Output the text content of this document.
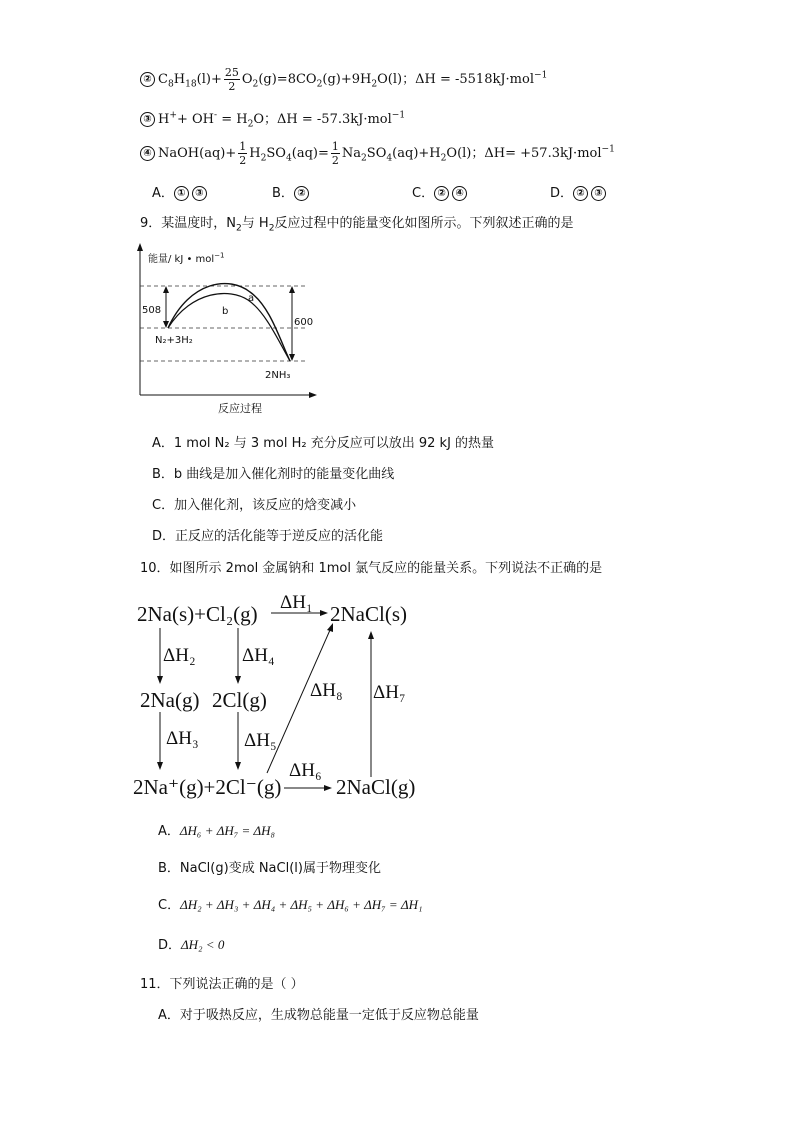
② $C_8H_{18}(l)+ \frac{25}{2} O_2(g)=8CO_2(g)+9H_2O(l)$；ΔH = -5518kJ·mol$^{-1}$
③ $H^++ OH^- = H_2O$；ΔH = -57.3kJ·mol$^{-1}$
④ NaOH(aq)+ $\frac{1}{2} H_2SO_4(aq)= \frac{1}{2} Na_2SO_4(aq)+H_2O(l)$；ΔH= +57.3kJ·mol$^{-1}$
A． ① ③	B． ②	C． ② ④	D． ② ③
9．某温度时，$N_2$与 $H_2$反应过程中的能量变化如图所示。下列叙述正确的是
能量/ kJ • mol$^{-1}$
508
600
a
b
N₂+3H₂
2NH₃
反应过程
A．1 mol N₂ 与 3 mol H₂ 充分反应可以放出 92 kJ 的热量
B．b 曲线是加入催化剂时的能量变化曲线
C．加入催化剂，该反应的焓变减小
D．正反应的活化能等于逆反应的活化能
10．如图所示 2mol 金属钠和 1mol 氯气反应的能量关系。下列说法不正确的是
2Na(s)+Cl₂(g) ΔH₁ 2NaCl(s)
ΔH₂ ΔH₄
ΔH₈ ΔH₇
2Na(g) 2Cl(g)
ΔH₃ ΔH₅
ΔH₆
2Na⁺(g)+2Cl⁻(g)	2NaCl(g)
A．ΔH₆ + ΔH₇ = ΔH₈
B．NaCl(g)变成 NaCl(l)属于物理变化
C．ΔH₂ + ΔH₃ + ΔH₄ + ΔH₅ + ΔH₆ + ΔH₇ = ΔH₁
D．ΔH₂ < 0
11．下列说法正确的是（ ）
A．对于吸热反应，生成物总能量一定低于反应物总能量
